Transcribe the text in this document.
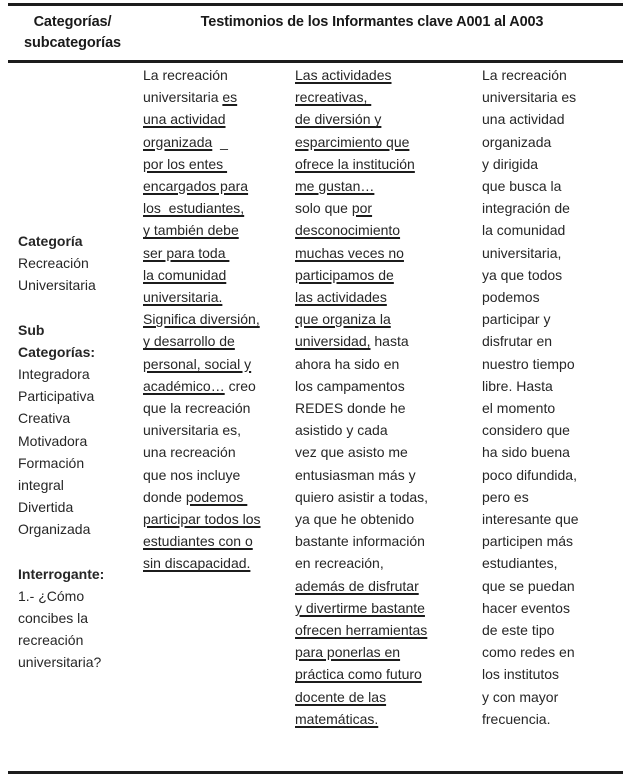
Categorías/
subcategorías
Testimonios de los Informantes clave A001 al A003
Categoría
Recreación
Universitaria
Sub
Categorías:
Integradora
Participativa
Creativa
Motivadora
Formación
integral
Divertida
Organizada
Interrogante:
1.- ¿Cómo
concibes la
recreación
universitaria?
La recreación
universitaria es
una actividad
organizada _
por los entes
encargados para
los  estudiantes,
y también debe
ser para toda
la comunidad
universitaria.
Significa diversión,
y desarrollo de
personal, social y
académico… creo
que la recreación
universitaria es,
una recreación
que nos incluye
donde podemos
participar todos los
estudiantes con o
sin discapacidad.
Las actividades
recreativas,
de diversión y
esparcimiento que
ofrece la institución
me gustan…
solo que por
desconocimiento
muchas veces no
participamos de
las actividades
que organiza la
universidad, hasta
ahora ha sido en
los campamentos
REDES donde he
asistido y cada
vez que asisto me
entusiasman más y
quiero asistir a todas,
ya que he obtenido
bastante información
en recreación,
además de disfrutar
y divertirme bastante
ofrecen herramientas
para ponerlas en
práctica como futuro
docente de las
matemáticas.
La recreación
universitaria es
una actividad
organizada
y dirigida
que busca la
integración de
la comunidad
universitaria,
ya que todos
podemos
participar y
disfrutar en
nuestro tiempo
libre. Hasta
el momento
considero que
ha sido buena
poco difundida,
pero es
interesante que
participen más
estudiantes,
que se puedan
hacer eventos
de este tipo
como redes en
los institutos
y con mayor
frecuencia.
